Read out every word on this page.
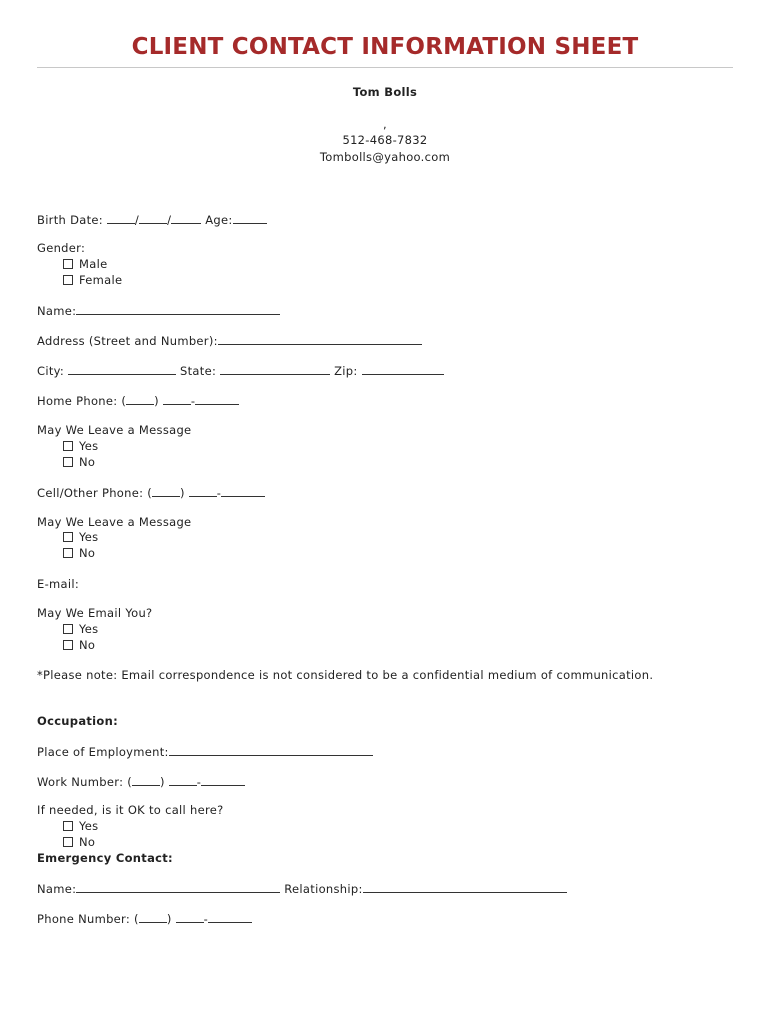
CLIENT CONTACT INFORMATION SHEET
Tom Bolls
,
512-468-7832
Tombolls@yahoo.com
Birth Date:	/ /	Age:
Gender:
Male
Female
Name:
Address (Street and Number):
City:	State:	Zip:
Home Phone: ( ) -
May We Leave a Message
Yes
No
Cell/Other Phone: ( ) -
May We Leave a Message
Yes
No
E-mail:
May We Email You?
Yes
No
*Please note: Email correspondence is not considered to be a confidential medium of communication.
Occupation:
Place of Employment:
Work Number: ( ) -
If needed, is it OK to call here?
Yes
No
Emergency Contact:
Name:	Relationship:
Phone Number: ( ) -
